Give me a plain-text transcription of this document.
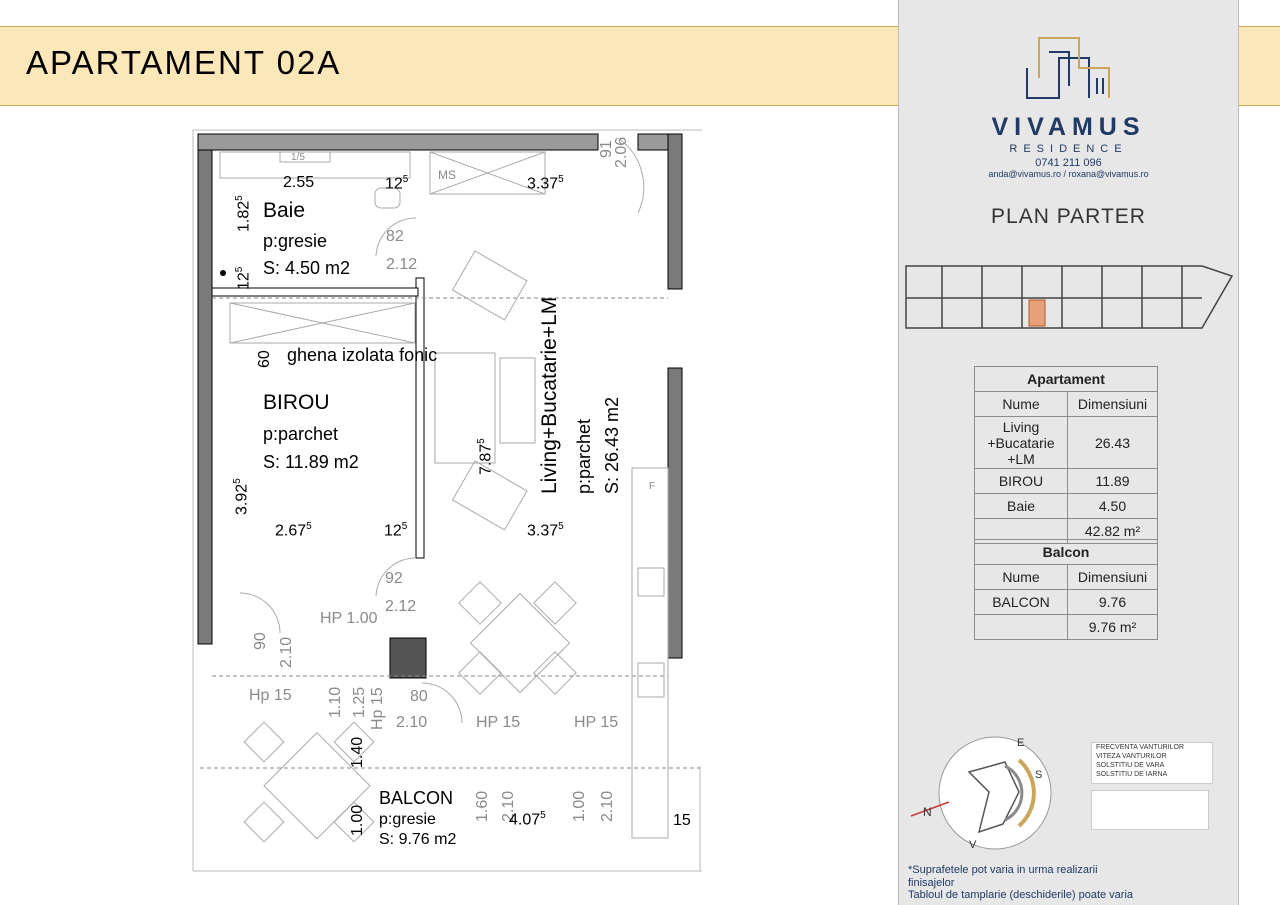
APARTAMENT 02A
1/5
MS
2.55	$12^5$	3.37$^5$
91
2.06
1.82$^5$
Baie
p:gresie
S: 4.50 m2
82
2.12
$12^5$
60 ghena izolata fonic
BIROU
p:parchet
S: 11.89 m2
3.92$^5$
7.87$^5$	Living+Bucatarie+LM p:parchet S: 26.43 m2	F
2.67$^5$	$12^5$	3.37$^5$
92
2.12
HP 1.00
90 2.10
Hp 15 1.10 1.25 Hp 15 80
2.10	HP 15	HP 15
1.40
1.00
BALCON
p:gresie
S: 9.76 m2
1.60 2.10
4.07$^5$ 1.00 2.10	15
VIVAMUS
RESIDENCE
0741 211 096
anda@vivamus.ro / roxana@vivamus.ro
PLAN PARTER
Apartament	
Nume	Dimensiuni

Living
+Bucatarie
+LM	26.43
BIROU	11.89
Baie	4.50
	42.82 m²
Balcon	
Nume	Dimensiuni
BALCON	9.76
	9.76 m²
N
E
S
V
FRECVENTA VANTURILOR
VITEZA VANTURILOR
SOLSTITIU DE VARA
SOLSTITIU DE IARNA
*Suprafetele pot varia in urma realizarii
finisajelor
Tabloul de tamplarie (deschiderile) poate varia
